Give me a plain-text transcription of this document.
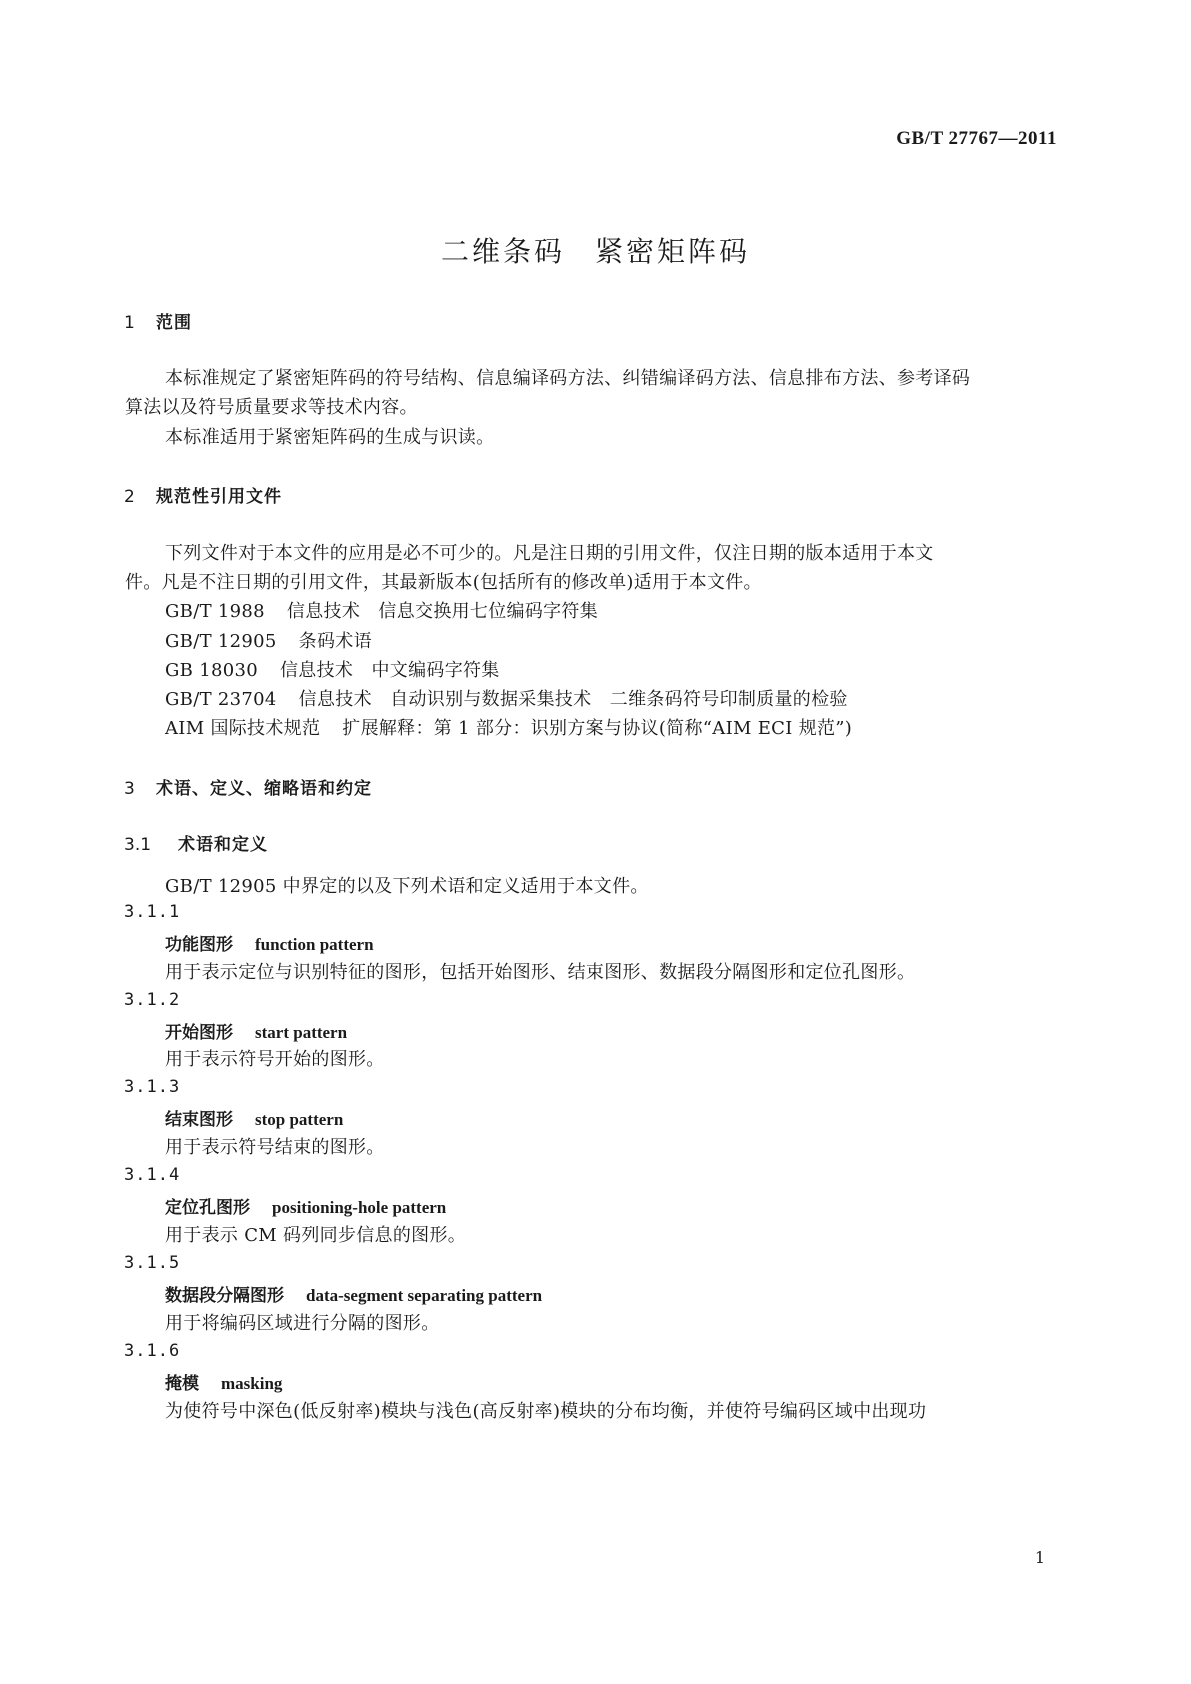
GB/T 27767—2011
二维条码 紧密矩阵码
1 范围
本标准规定了紧密矩阵码的符号结构、信息编译码方法、纠错编译码方法、信息排布方法、参考译码
算法以及符号质量要求等技术内容。
本标准适用于紧密矩阵码的生成与识读。
2 规范性引用文件
下列文件对于本文件的应用是必不可少的。凡是注日期的引用文件，仅注日期的版本适用于本文
件。凡是不注日期的引用文件，其最新版本(包括所有的修改单)适用于本文件。
GB/T 1988 信息技术　信息交换用七位编码字符集
GB/T 12905 条码术语
GB 18030 信息技术　中文编码字符集
GB/T 23704 信息技术　自动识别与数据采集技术　二维条码符号印制质量的检验
AIM 国际技术规范 扩展解释：第 1 部分：识别方案与协议(简称“AIM ECI 规范”)
3 术语、定义、缩略语和约定
3.1 术语和定义
GB/T 12905 中界定的以及下列术语和定义适用于本文件。
3.1.1
功能图形 function pattern
用于表示定位与识别特征的图形，包括开始图形、结束图形、数据段分隔图形和定位孔图形。
3.1.2
开始图形 start pattern
用于表示符号开始的图形。
3.1.3
结束图形 stop pattern
用于表示符号结束的图形。
3.1.4
定位孔图形 positioning-hole pattern
用于表示 CM 码列同步信息的图形。
3.1.5
数据段分隔图形 data-segment separating pattern
用于将编码区域进行分隔的图形。
3.1.6
掩模 masking
为使符号中深色(低反射率)模块与浅色(高反射率)模块的分布均衡，并使符号编码区域中出现功
1
